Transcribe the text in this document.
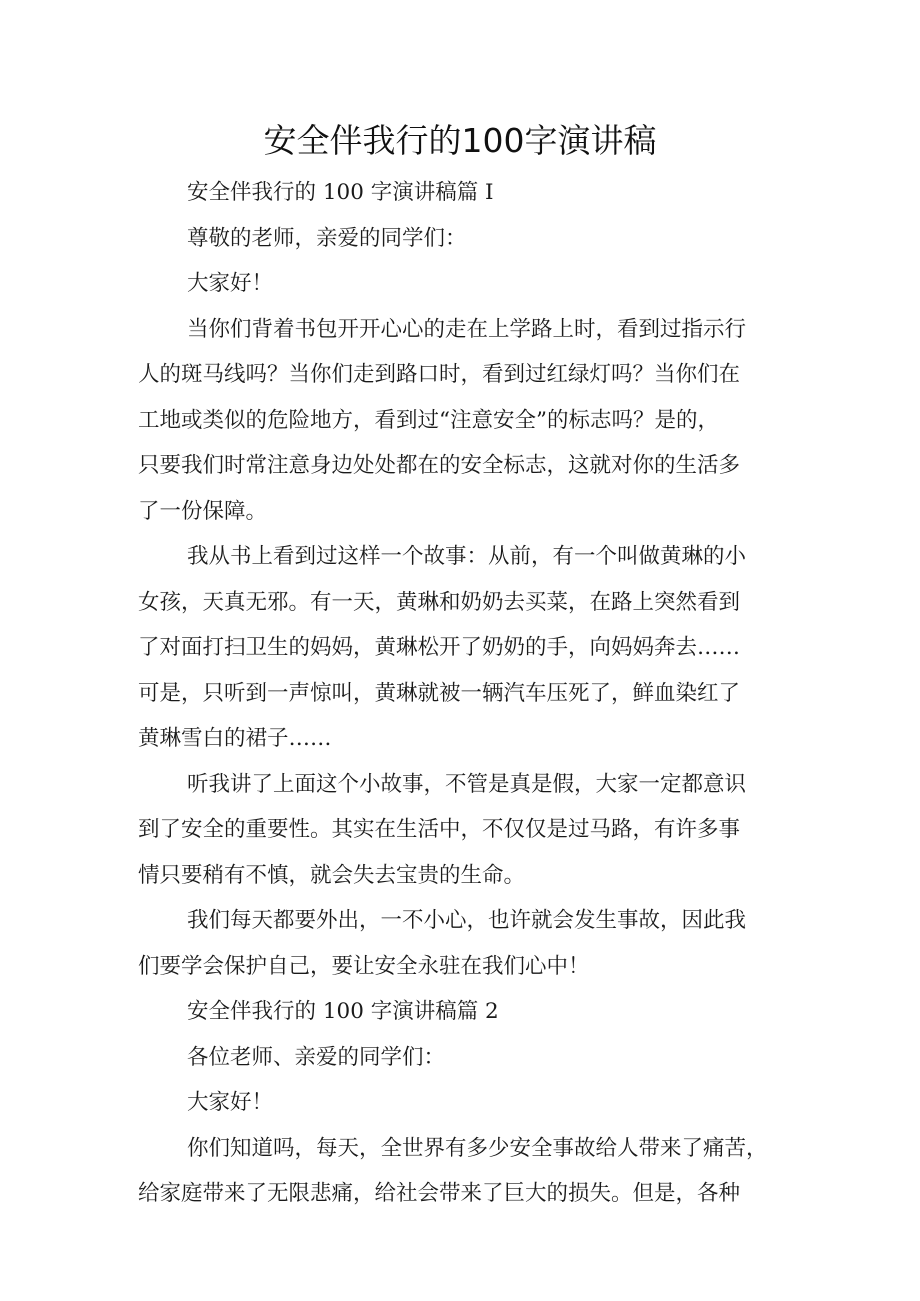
安全伴我行的100字演讲稿
安全伴我行的 100 字演讲稿篇 I
尊敬的老师，亲爱的同学们：
大家好！
当你们背着书包开开心心的走在上学路上时，看到过指示行
人的斑马线吗？当你们走到路口时，看到过红绿灯吗？当你们在
工地或类似的危险地方，看到过“注意安全”的标志吗？是的，
只要我们时常注意身边处处都在的安全标志，这就对你的生活多
了一份保障。
我从书上看到过这样一个故事：从前，有一个叫做黄琳的小
女孩，天真无邪。有一天，黄琳和奶奶去买菜，在路上突然看到
了对面打扫卫生的妈妈，黄琳松开了奶奶的手，向妈妈奔去……
可是，只听到一声惊叫，黄琳就被一辆汽车压死了，鲜血染红了
黄琳雪白的裙子……
听我讲了上面这个小故事，不管是真是假，大家一定都意识
到了安全的重要性。其实在生活中，不仅仅是过马路，有许多事
情只要稍有不慎，就会失去宝贵的生命。
我们每天都要外出，一不小心，也许就会发生事故，因此我
们要学会保护自己，要让安全永驻在我们心中！
安全伴我行的 100 字演讲稿篇 2
各位老师、亲爱的同学们：
大家好！
你们知道吗，每天，全世界有多少安全事故给人带来了痛苦，
给家庭带来了无限悲痛，给社会带来了巨大的损失。但是，各种
